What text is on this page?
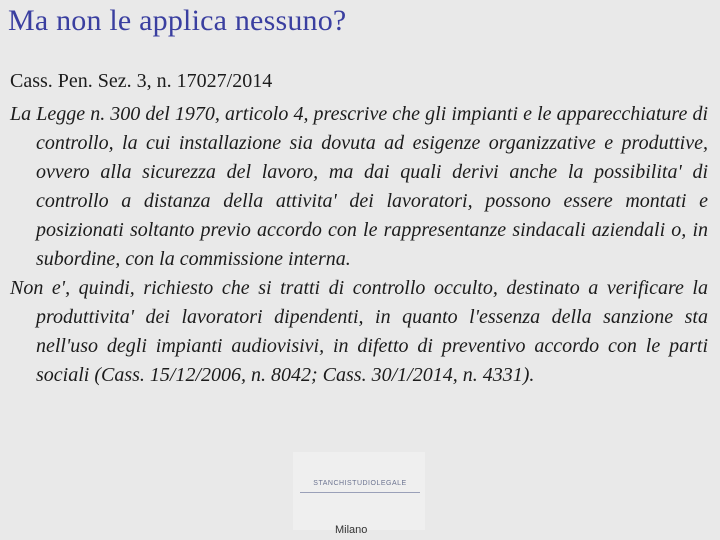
Ma non le applica nessuno?

Cass. Pen. Sez. 3, n. 17027/2014

La Legge n. 300 del 1970, articolo 4, prescrive che gli impianti e le apparecchiature di controllo, la cui installazione sia dovuta ad esigenze organizzative e produttive, ovvero alla sicurezza del lavoro, ma dai quali derivi anche la possibilita' di controllo a distanza della attivita' dei lavoratori, possono essere montati e posizionati soltanto previo accordo con le rappresentanze sindacali aziendali o, in subordine, con la commissione interna.

Non e', quindi, richiesto che si tratti di controllo occulto, destinato a verificare la produttivita' dei lavoratori dipendenti, in quanto l'essenza della sanzione sta nell'uso degli impianti audiovisivi, in difetto di preventivo accordo con le parti sociali (Cass. 15/12/2006, n. 8042; Cass. 30/1/2014, n. 4331).

STANCHISTUDIOLEGALE
Milano
